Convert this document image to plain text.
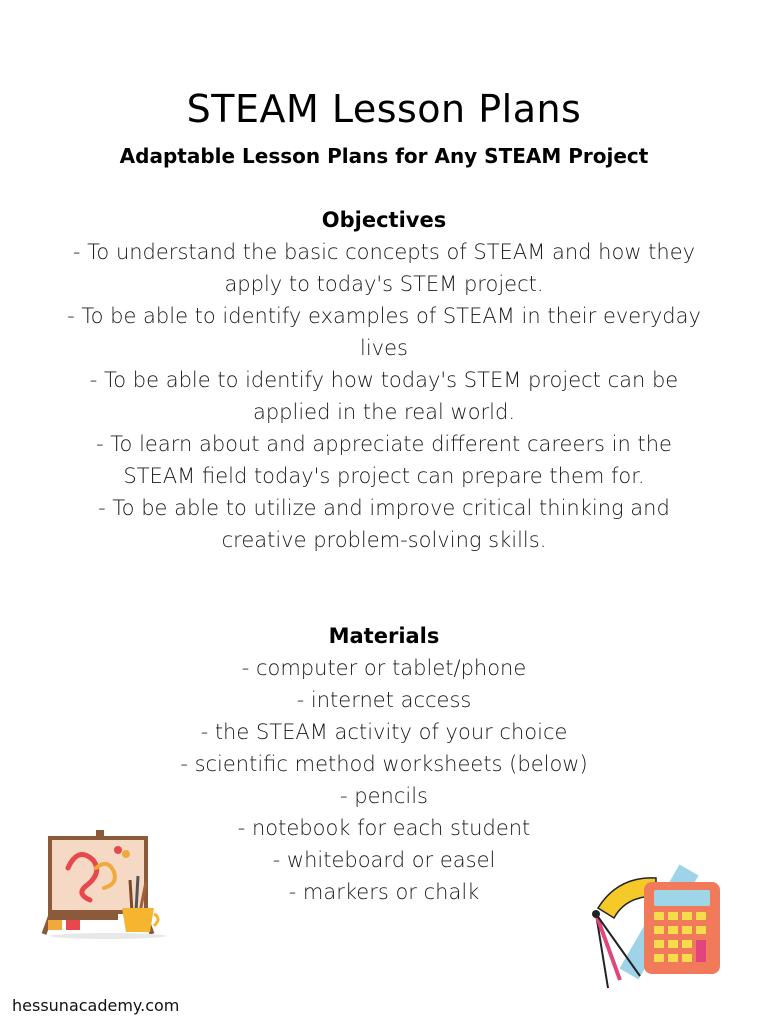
STEAM Lesson Plans
Adaptable Lesson Plans for Any STEAM Project
Objectives
- To understand the basic concepts of STEAM and how they apply to today's STEM project.
- To be able to identify examples of STEAM in their everyday lives
- To be able to identify how today's STEM project can be applied in the real world.
- To learn about and appreciate different careers in the STEAM field today's project can prepare them for.
- To be able to utilize and improve critical thinking and creative problem-solving skills.
Materials
- computer or tablet/phone
- internet access
- the STEAM activity of your choice
- scientific method worksheets (below)
- pencils
- notebook for each student
- whiteboard or easel
- markers or chalk
hessunacademy.com
